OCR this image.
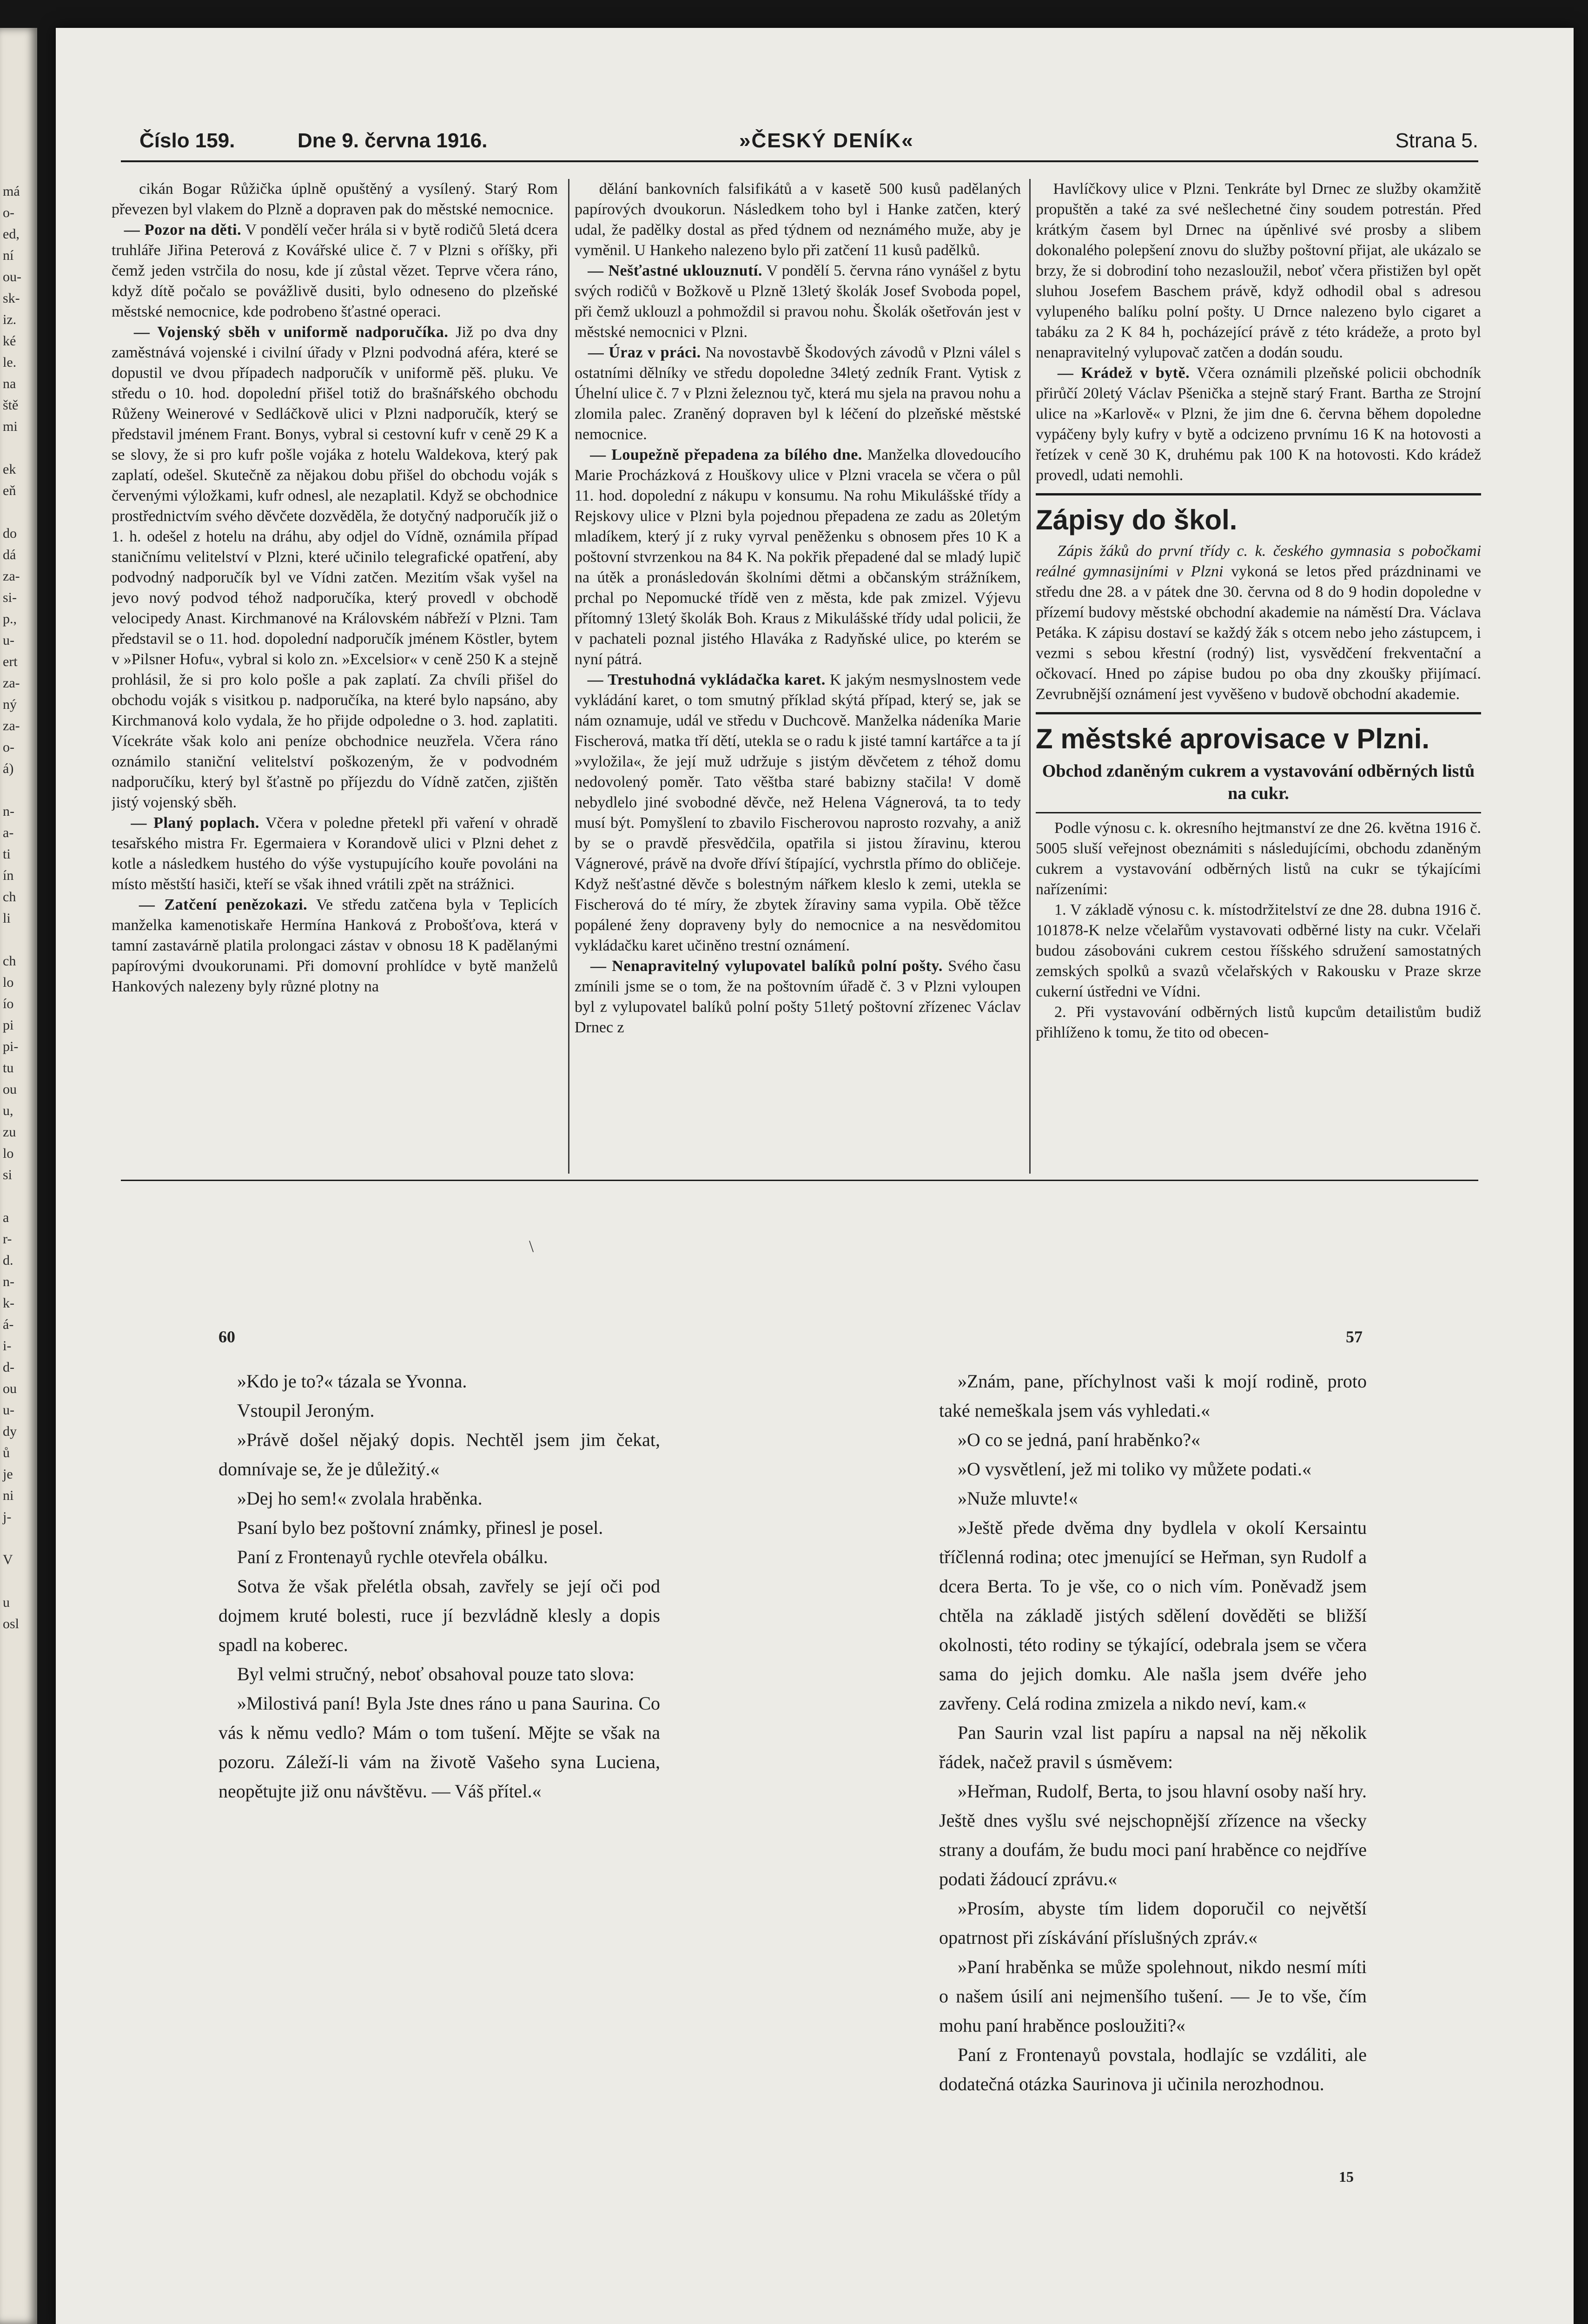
má
o-
ed,
ní
ou-
sk-
iz.
ké
le.
na
ště
mi
ek
eň
do
dá
za-
si-
p.,
u-
ert
za-
ný
za-
o-
á)
n-
a-
ti
ín
ch
li
ch
lo
ío
pi
pi-
tu
ou
u,
zu
lo
si
a
r-
d.
n-
k-
á-
i-
d-
ou
u-
dy
ů
je
ni
j-
V
u
osl
Číslo 159.	Dne 9. června 1916.	»ČESKÝ DENÍK«	Strana 5.

cikán Bogar Růžička úplně opuštěný a vysílený. Starý Rom převezen byl vlakem do Plzně a dopraven pak do městské nemocnice.

— Pozor na děti. V pondělí večer hrála si v bytě rodičů 5letá dcera truhláře Jiřina Peterová z Kovářské ulice č. 7 v Plzni s oříšky, při čemž jeden vstrčila do nosu, kde jí zůstal vězet. Teprve včera ráno, když dítě počalo se povážlivě dusiti, bylo odneseno do plzeňské městské nemocnice, kde podrobeno šťastné operaci.

— Vojenský sběh v uniformě nadporučíka. Již po dva dny zaměstnává vojenské i civilní úřady v Plzni podvodná aféra, které se dopustil ve dvou případech nadporučík v uniformě pěš. pluku. Ve středu o 10. hod. dopolední přišel totiž do brašnářského obchodu Růženy Weinerové v Sedláčkově ulici v Plzni nadporučík, který se představil jménem Frant. Bonys, vybral si cestovní kufr v ceně 29 K a se slovy, že si pro kufr pošle vojáka z hotelu Waldekova, který pak zaplatí, odešel. Skutečně za nějakou dobu přišel do obchodu voják s červenými výložkami, kufr odnesl, ale nezaplatil. Když se obchodnice prostřednictvím svého děvčete dozvěděla, že dotyčný nadporučík již o 1. h. odešel z hotelu na dráhu, aby odjel do Vídně, oznámila případ staničnímu velitelství v Plzni, které učinilo telegrafické opatření, aby podvodný nadporučík byl ve Vídni zatčen. Mezitím však vyšel na jevo nový podvod téhož nadporučíka, který provedl v obchodě velocipedy Anast. Kirchmanové na Královském nábřeží v Plzni. Tam představil se o 11. hod. dopolední nadporučík jménem Köstler, bytem v »Pilsner Hofu«, vybral si kolo zn. »Excelsior« v ceně 250 K a stejně prohlásil, že si pro kolo pošle a pak zaplatí. Za chvíli přišel do obchodu voják s visitkou p. nadporučíka, na které bylo napsáno, aby Kirchmanová kolo vydala, že ho přijde odpoledne o 3. hod. zaplatiti. Vícekráte však kolo ani peníze obchodnice neuzřela. Včera ráno oznámilo staniční velitelství poškozeným, že v podvodném nadporučíku, který byl šťastně po příjezdu do Vídně zatčen, zjištěn jistý vojenský sběh.

— Planý poplach. Včera v poledne přetekl při vaření v ohradě tesařského mistra Fr. Egermaiera v Korandově ulici v Plzni dehet z kotle a následkem hustého do výše vystupujícího kouře povoláni na místo městští hasiči, kteří se však ihned vrátili zpět na strážnici.

— Zatčení penězokazi. Ve středu zatčena byla v Teplicích manželka kamenotiskaře Hermína Hanková z Probošťova, která v tamní zastavárně platila prolongaci zástav v obnosu 18 K padělanými papírovými dvoukorunami. Při domovní prohlídce v bytě manželů Hankových nalezeny byly různé plotny na

dělání bankovních falsifikátů a v kasetě 500 kusů padělaných papírových dvoukorun. Následkem toho byl i Hanke zatčen, který udal, že padělky dostal as před týdnem od neznámého muže, aby je vyměnil. U Hankeho nalezeno bylo při zatčení 11 kusů padělků.

— Nešťastné uklouznutí. V pondělí 5. června ráno vynášel z bytu svých rodičů v Božkově u Plzně 13letý školák Josef Svoboda popel, při čemž uklouzl a pohmoždil si pravou nohu. Školák ošetřován jest v městské nemocnici v Plzni.

— Úraz v práci. Na novostavbě Škodových závodů v Plzni válel s ostatními dělníky ve středu dopoledne 34letý zedník Frant. Vytisk z Úhelní ulice č. 7 v Plzni železnou tyč, která mu sjela na pravou nohu a zlomila palec. Zraněný dopraven byl k léčení do plzeňské městské nemocnice.

— Loupežně přepadena za bílého dne. Manželka dlovedoucího Marie Procházková z Houškovy ulice v Plzni vracela se včera o půl 11. hod. dopolední z nákupu v konsumu. Na rohu Mikulášské třídy a Rejskovy ulice v Plzni byla pojednou přepadena ze zadu as 20letým mladíkem, který jí z ruky vyrval peněženku s obnosem přes 10 K a poštovní stvrzenkou na 84 K. Na pokřik přepadené dal se mladý lupič na útěk a pronásledován školními dětmi a občanským strážníkem, prchal po Nepomucké třídě ven z města, kde pak zmizel. Výjevu přítomný 13letý školák Boh. Kraus z Mikulášské třídy udal policii, že v pachateli poznal jistého Hlaváka z Radyňské ulice, po kterém se nyní pátrá.

— Trestuhodná vykládačka karet. K jakým nesmyslnostem vede vykládání karet, o tom smutný příklad skýtá případ, který se, jak se nám oznamuje, udál ve středu v Duchcově. Manželka nádeníka Marie Fischerová, matka tří dětí, utekla se o radu k jisté tamní kartářce a ta jí »vyložila«, že její muž udržuje s jistým děvčetem z téhož domu nedovolený poměr. Tato věštba staré babizny stačila! V domě nebydlelo jiné svobodné děvče, než Helena Vágnerová, ta to tedy musí být. Pomyšlení to zbavilo Fischerovou naprosto rozvahy, a aniž by se o pravdě přesvědčila, opatřila si jistou žíravinu, kterou Vágnerové, právě na dvoře dříví štípající, vychrstla přímo do obličeje. Když nešťastné děvče s bolestným nářkem kleslo k zemi, utekla se Fischerová do té míry, že zbytek žíraviny sama vypila. Obě těžce popálené ženy dopraveny byly do nemocnice a na nesvědomitou vykládačku karet učiněno trestní oznámení.

— Nenapravitelný vylupovatel balíků polní pošty. Svého času zmínili jsme se o tom, že na poštovním úřadě č. 3 v Plzni vyloupen byl z vylupovatel balíků polní pošty 51letý poštovní zřízenec Václav Drnec z

Havlíčkovy ulice v Plzni. Tenkráte byl Drnec ze služby okamžitě propuštěn a také za své nešlechetné činy soudem potrestán. Před krátkým časem byl Drnec na úpěnlivé své prosby a slibem dokonalého polepšení znovu do služby poštovní přijat, ale ukázalo se brzy, že si dobrodiní toho nezasloužil, neboť včera přistižen byl opět sluhou Josefem Baschem právě, když odhodil obal s adresou vylupeného balíku polní pošty. U Drnce nalezeno bylo cigaret a tabáku za 2 K 84 h, pocházející právě z této krádeže, a proto byl nenapravitelný vylupovač zatčen a dodán soudu.

— Krádež v bytě. Včera oznámili plzeňské policii obchodník přirůčí 20letý Václav Pšenička a stejně starý Frant. Bartha ze Strojní ulice na »Karlově« v Plzni, že jim dne 6. června během dopoledne vypáčeny byly kufry v bytě a odcizeno prvnímu 16 K na hotovosti a řetízek v ceně 30 K, druhému pak 100 K na hotovosti. Kdo krádež provedl, udati nemohli.

Zápisy do škol.

Zápis žáků do první třídy c. k. českého gymnasia s pobočkami reálné gymnasijními v Plzni vykoná se letos před prázdninami ve středu dne 28. a v pátek dne 30. června od 8 do 9 hodin dopoledne v přízemí budovy městské obchodní akademie na náměstí Dra. Václava Petáka. K zápisu dostaví se každý žák s otcem nebo jeho zástupcem, i vezmi s sebou křestní (rodný) list, vysvědčení frekventační a očkovací. Hned po zápise budou po oba dny zkoušky přijímací. Zevrubnější oznámení jest vyvěšeno v budově obchodní akademie.

Z městské aprovisace v Plzni.
Obchod zdaněným cukrem a vystavování odběrných listů na cukr.

Podle výnosu c. k. okresního hejtmanství ze dne 26. května 1916 č. 5005 sluší veřejnost obeznámiti s následujícími, obchodu zdaněným cukrem a vystavování odběrných listů na cukr se týkajícími nařízeními:

1. V základě výnosu c. k. místodržitelství ze dne 28. dubna 1916 č. 101878-K nelze včelařům vystavovati odběrné listy na cukr. Včelaři budou zásobováni cukrem cestou říšského sdružení samostatných zemských spolků a svazů včelařských v Rakousku v Praze skrze cukerní ústředni ve Vídni.

2. Při vystavování odběrných listů kupcům detailistům budiž přihlíženo k tomu, že tito od obecen-

60	57
\

»Kdo je to?« tázala se Yvonna.

Vstoupil Jeroným.

»Právě došel nějaký dopis. Nechtěl jsem jim čekat, domnívaje se, že je důležitý.«

»Dej ho sem!« zvolala hraběnka.

Psaní bylo bez poštovní známky, přinesl je posel.

Paní z Frontenayů rychle otevřela obálku.

Sotva že však přelétla obsah, zavřely se její oči pod dojmem kruté bolesti, ruce jí bezvládně klesly a dopis spadl na koberec.

Byl velmi stručný, neboť obsahoval pouze tato slova:

»Milostivá paní! Byla Jste dnes ráno u pana Saurina. Co vás k němu vedlo? Mám o tom tušení. Mějte se však na pozoru. Záleží-li vám na životě Vašeho syna Luciena, neopětujte již onu návštěvu. — Váš přítel.«

»Znám, pane, příchylnost vaši k mojí rodině, proto také nemeškala jsem vás vyhledati.«

»O co se jedná, paní hraběnko?«

»O vysvětlení, jež mi toliko vy můžete podati.«

»Nuže mluvte!«

»Ještě přede dvěma dny bydlela v okolí Kersaintu tříčlenná rodina; otec jmenující se Heřman, syn Rudolf a dcera Berta. To je vše, co o nich vím. Poněvadž jsem chtěla na základě jistých sdělení dověděti se bližší okolnosti, této rodiny se týkající, odebrala jsem se včera sama do jejich domku. Ale našla jsem dvéře jeho zavřeny. Celá rodina zmizela a nikdo neví, kam.«

Pan Saurin vzal list papíru a napsal na něj několik řádek, načež pravil s úsměvem:

»Heřman, Rudolf, Berta, to jsou hlavní osoby naší hry. Ještě dnes vyšlu své nejschopnější zřízence na všecky strany a doufám, že budu moci paní hraběnce co nejdříve podati žádoucí zprávu.«

»Prosím, abyste tím lidem doporučil co největší opatrnost při získávání příslušných zpráv.«

»Paní hraběnka se může spolehnout, nikdo nesmí míti o našem úsilí ani nejmenšího tušení. — Je to vše, čím mohu paní hraběnce posloužiti?«

Paní z Frontenayů povstala, hodlajíc se vzdáliti, ale dodatečná otázka Saurinova ji učinila nerozhodnou.

15
